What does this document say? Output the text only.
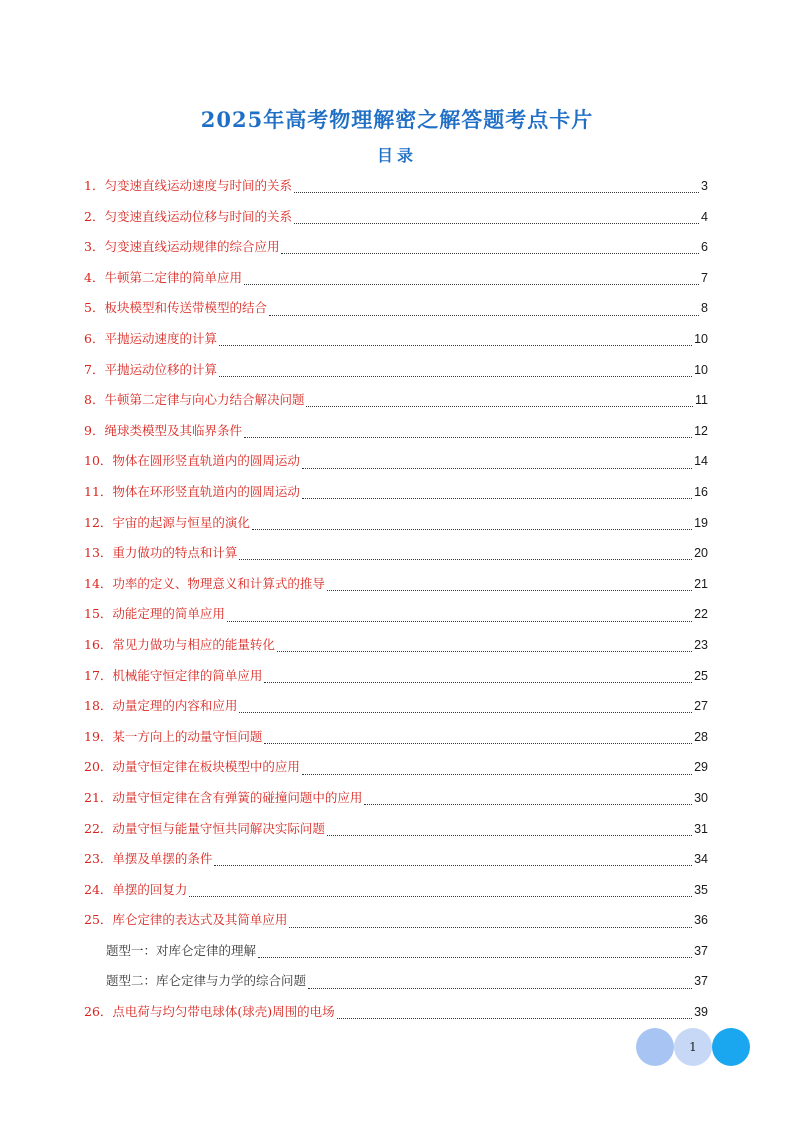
2025年高考物理解密之解答题考点卡片
目录
1．匀变速直线运动速度与时间的关系	3
2．匀变速直线运动位移与时间的关系	4
3．匀变速直线运动规律的综合应用	6
4．牛顿第二定律的简单应用	7
5．板块模型和传送带模型的结合	8
6．平抛运动速度的计算	10
7．平抛运动位移的计算	10
8．牛顿第二定律与向心力结合解决问题	11
9．绳球类模型及其临界条件	12
10．物体在圆形竖直轨道内的圆周运动	14
11．物体在环形竖直轨道内的圆周运动	16
12．宇宙的起源与恒星的演化	19
13．重力做功的特点和计算	20
14．功率的定义、物理意义和计算式的推导	21
15．动能定理的简单应用	22
16．常见力做功与相应的能量转化	23
17．机械能守恒定律的简单应用	25
18．动量定理的内容和应用	27
19．某一方向上的动量守恒问题	28
20．动量守恒定律在板块模型中的应用	29
21．动量守恒定律在含有弹簧的碰撞问题中的应用	30
22．动量守恒与能量守恒共同解决实际问题	31
23．单摆及单摆的条件	34
24．单摆的回复力	35
25．库仑定律的表达式及其简单应用	36
题型一：对库仑定律的理解	37
题型二：库仑定律与力学的综合问题	37
26．点电荷与均匀带电球体(球壳)周围的电场	39
1
